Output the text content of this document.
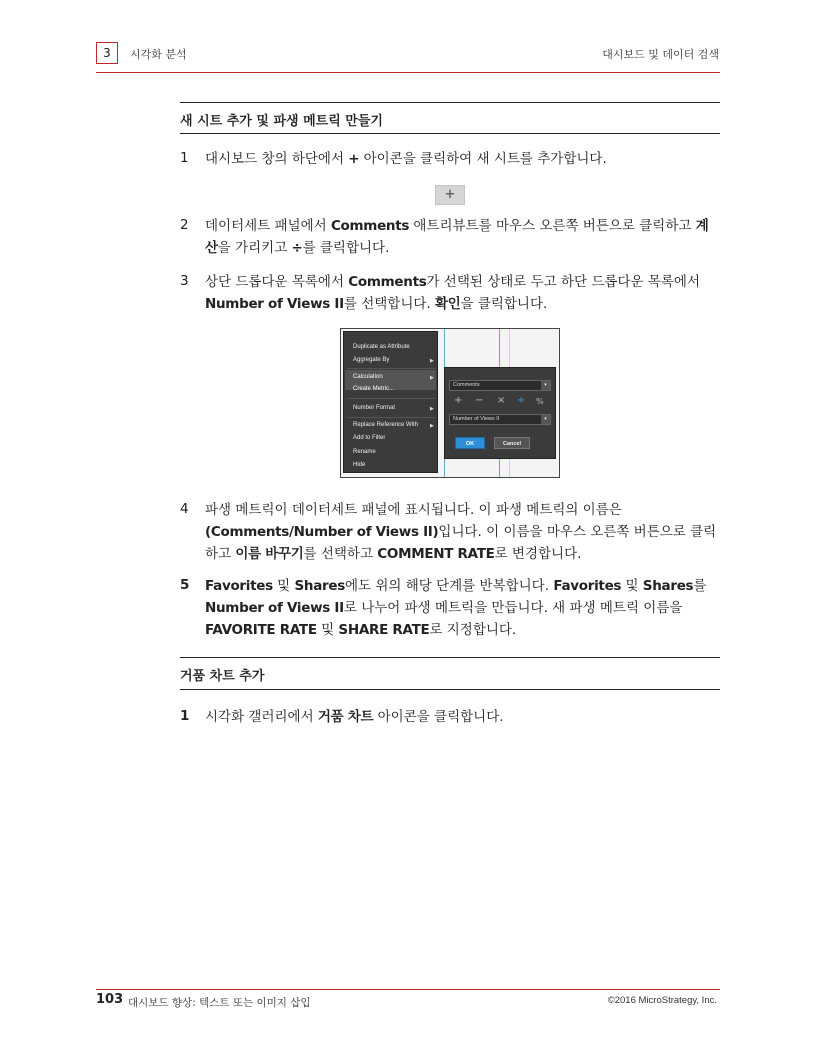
3	시각화 분석	대시보드 및 데이터 검색
새 시트 추가 및 파생 메트릭 만들기
1 대시보드 창의 하단에서 + 아이콘을 클릭하여 새 시트를 추가합니다.
+
2 데이터세트 패널에서 Comments 애트리뷰트를 마우스 오른쪽 버튼으로 클릭하고 계산을 가리키고 ÷를 클릭합니다.
3 상단 드롭다운 목록에서 Comments가 선택된 상태로 두고 하단 드롭다운 목록에서 Number of Views II를 선택합니다. 확인을 클릭합니다.
Duplicate as Attribute
Aggregate By	▶
Calculation	▶
Create Metric...
Number Format	▶
Replace Reference With ▶
Add to Filter
Rename
Hide
Comments	▾
+ − × ÷ %
Number of Views II	▾
OK	Cancel
4 파생 메트릭이 데이터세트 패널에 표시됩니다. 이 파생 메트릭의 이름은 (Comments/Number of Views II)입니다. 이 이름을 마우스 오른쪽 버튼으로 클릭하고 이름 바꾸기를 선택하고 COMMENT RATE로 변경합니다.
5 Favorites 및 Shares에도 위의 해당 단계를 반복합니다. Favorites 및 Shares를 Number of Views II로 나누어 파생 메트릭을 만듭니다. 새 파생 메트릭 이름을 FAVORITE RATE 및 SHARE RATE로 지정합니다.
거품 차트 추가
1 시각화 갤러리에서 거품 차트 아이콘을 클릭합니다.
103 대시보드 향상: 텍스트 또는 이미지 삽입	©2016 MicroStrategy, Inc.
